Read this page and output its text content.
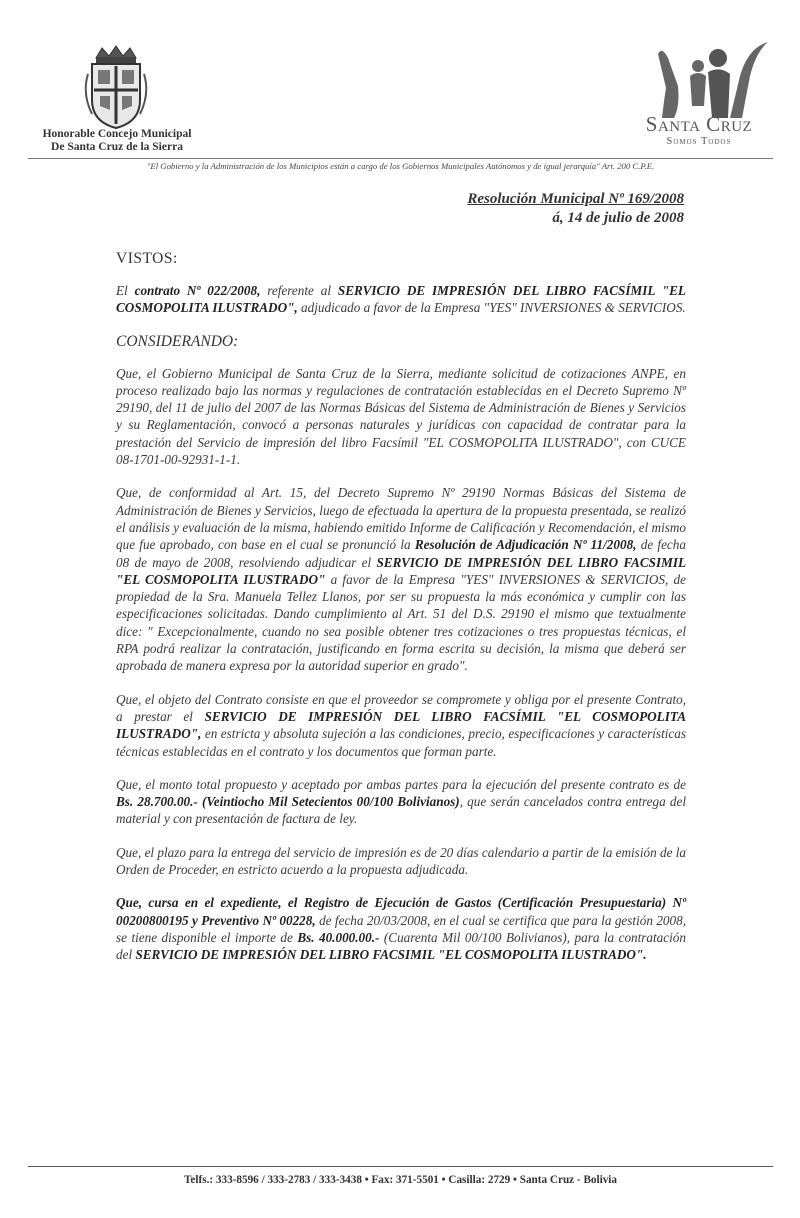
Honorable Concejo Municipal
De Santa Cruz de la Sierra
Santa Cruz
Somos Todos
"El Gobierno y la Administración de los Municipios están a cargo de los Gobiernos Municipales Autónomos y de igual jerarquía" Art. 200 C.P.E.
Resolución Municipal Nº 169/2008
á, 14 de julio de 2008
VISTOS:

El contrato Nº 022/2008, referente al SERVICIO DE IMPRESIÓN DEL LIBRO FACSÍMIL "EL COSMOPOLITA ILUSTRADO", adjudicado a favor de la Empresa "YES" INVERSIONES & SERVICIOS.

CONSIDERANDO:

Que, el Gobierno Municipal de Santa Cruz de la Sierra, mediante solicitud de cotizaciones ANPE, en proceso realizado bajo las normas y regulaciones de contratación establecidas en el Decreto Supremo Nº 29190, del 11 de julio del 2007 de las Normas Básicas del Sistema de Administración de Bienes y Servicios y su Reglamentación, convocó a personas naturales y jurídicas con capacidad de contratar para la prestación del Servicio de impresión del libro Facsímil "EL COSMOPOLITA ILUSTRADO", con CUCE 08-1701-00-92931-1-1.

Que, de conformidad al Art. 15, del Decreto Supremo Nº 29190 Normas Básicas del Sistema de Administración de Bienes y Servicios, luego de efectuada la apertura de la propuesta presentada, se realizó el análisis y evaluación de la misma, habiendo emitido Informe de Calificación y Recomendación, el mismo que fue aprobado, con base en el cual se pronunció la Resolución de Adjudicación Nº 11/2008, de fecha 08 de mayo de 2008, resolviendo adjudicar el SERVICIO DE IMPRESIÓN DEL LIBRO FACSIMIL "EL COSMOPOLITA ILUSTRADO" a favor de la Empresa "YES" INVERSIONES & SERVICIOS, de propiedad de la Sra. Manuela Tellez Llanos, por ser su propuesta la más económica y cumplir con las especificaciones solicitadas. Dando cumplimiento al Art. 51 del D.S. 29190 el mismo que textualmente dice: " Excepcionalmente, cuando no sea posible obtener tres cotizaciones o tres propuestas técnicas, el RPA podrá realizar la contratación, justificando en forma escrita su decisión, la misma que deberá ser aprobada de manera expresa por la autoridad superior en grado".

Que, el objeto del Contrato consiste en que el proveedor se compromete y obliga por el presente Contrato, a prestar el SERVICIO DE IMPRESIÓN DEL LIBRO FACSÍMIL "EL COSMOPOLITA ILUSTRADO", en estricta y absoluta sujeción a las condiciones, precio, especificaciones y características técnicas establecidas en el contrato y los documentos que forman parte.

Que, el monto total propuesto y aceptado por ambas partes para la ejecución del presente contrato es de Bs. 28.700.00.- (Veintiocho Mil Setecientos 00/100 Bolivianos), que serán cancelados contra entrega del material y con presentación de factura de ley.

Que, el plazo para la entrega del servicio de impresión es de 20 días calendario a partir de la emisión de la Orden de Proceder, en estricto acuerdo a la propuesta adjudicada.

Que, cursa en el expediente, el Registro de Ejecución de Gastos (Certificación Presupuestaria) Nº 00200800195 y Preventivo Nº 00228, de fecha 20/03/2008, en el cual se certifica que para la gestión 2008, se tiene disponible el importe de Bs. 40.000.00.- (Cuarenta Mil 00/100 Bolivianos), para la contratación del SERVICIO DE IMPRESIÓN DEL LIBRO FACSIMIL "EL COSMOPOLITA ILUSTRADO".

Telfs.: 333-8596 / 333-2783 / 333-3438 • Fax: 371-5501 • Casilla: 2729 • Santa Cruz - Bolivia
